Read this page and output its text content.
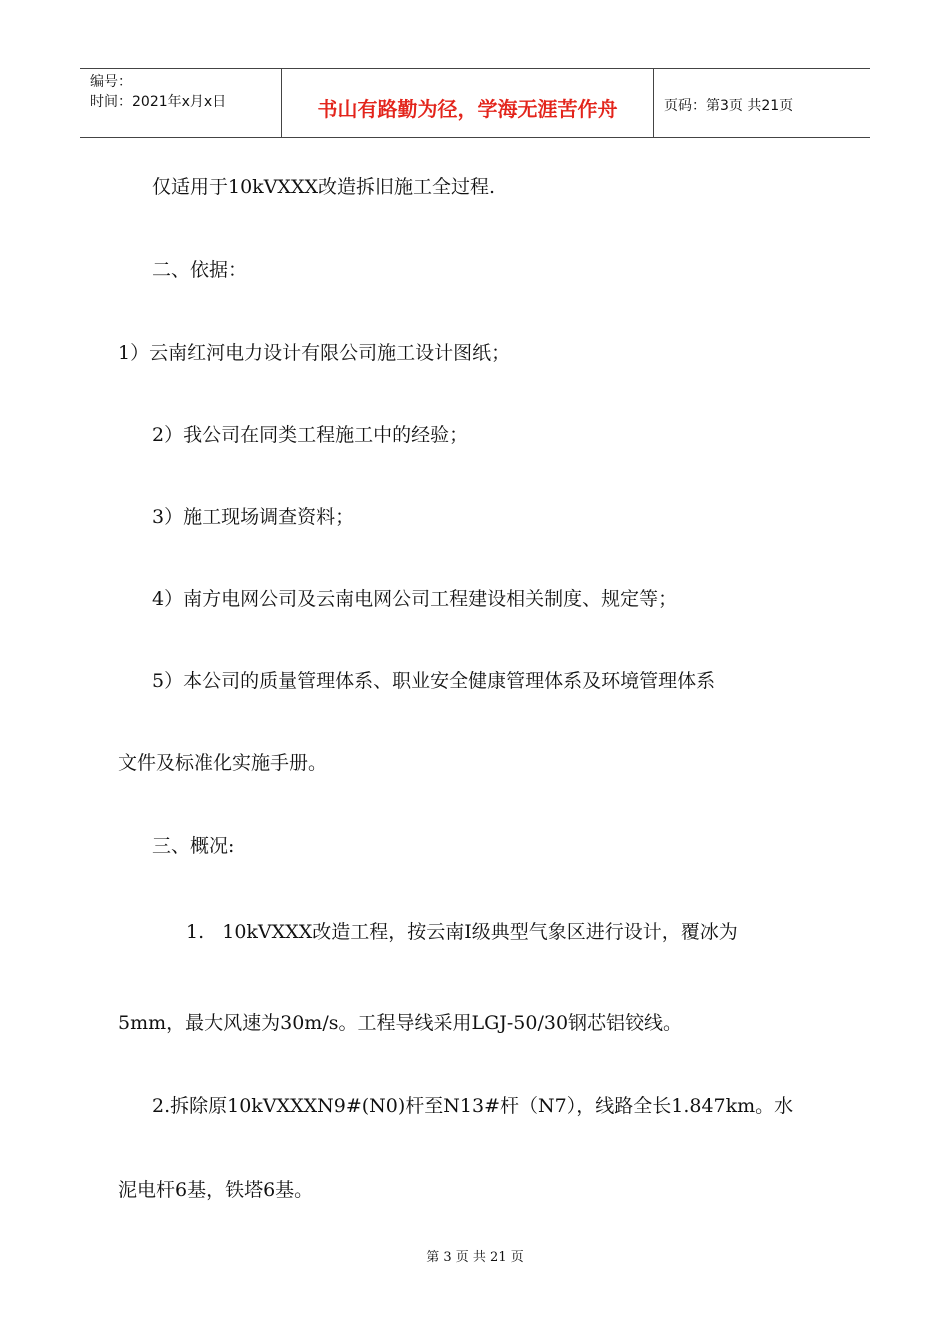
编号：
时间：2021年x月x日	书山有路勤为径，学海无涯苦作舟	页码：第3页 共21页
仅适用于10kVXXX改造拆旧施工全过程.
二、依据：
1）云南红河电力设计有限公司施工设计图纸；
2）我公司在同类工程施工中的经验；
3）施工现场调查资料；
4）南方电网公司及云南电网公司工程建设相关制度、规定等；
5）本公司的质量管理体系、职业安全健康管理体系及环境管理体系
文件及标准化实施手册。
三、概况:
1.   10kVXXX改造工程，按云南Ⅰ级典型气象区进行设计，覆冰为
5mm，最大风速为30m/s。工程导线采用LGJ-50/30钢芯铝铰线。
2.拆除原10kVXXXN9#(N0)杆至N13#杆（N7），线路全长1.847km。水
泥电杆6基，铁塔6基。
第 3 页 共 21 页
